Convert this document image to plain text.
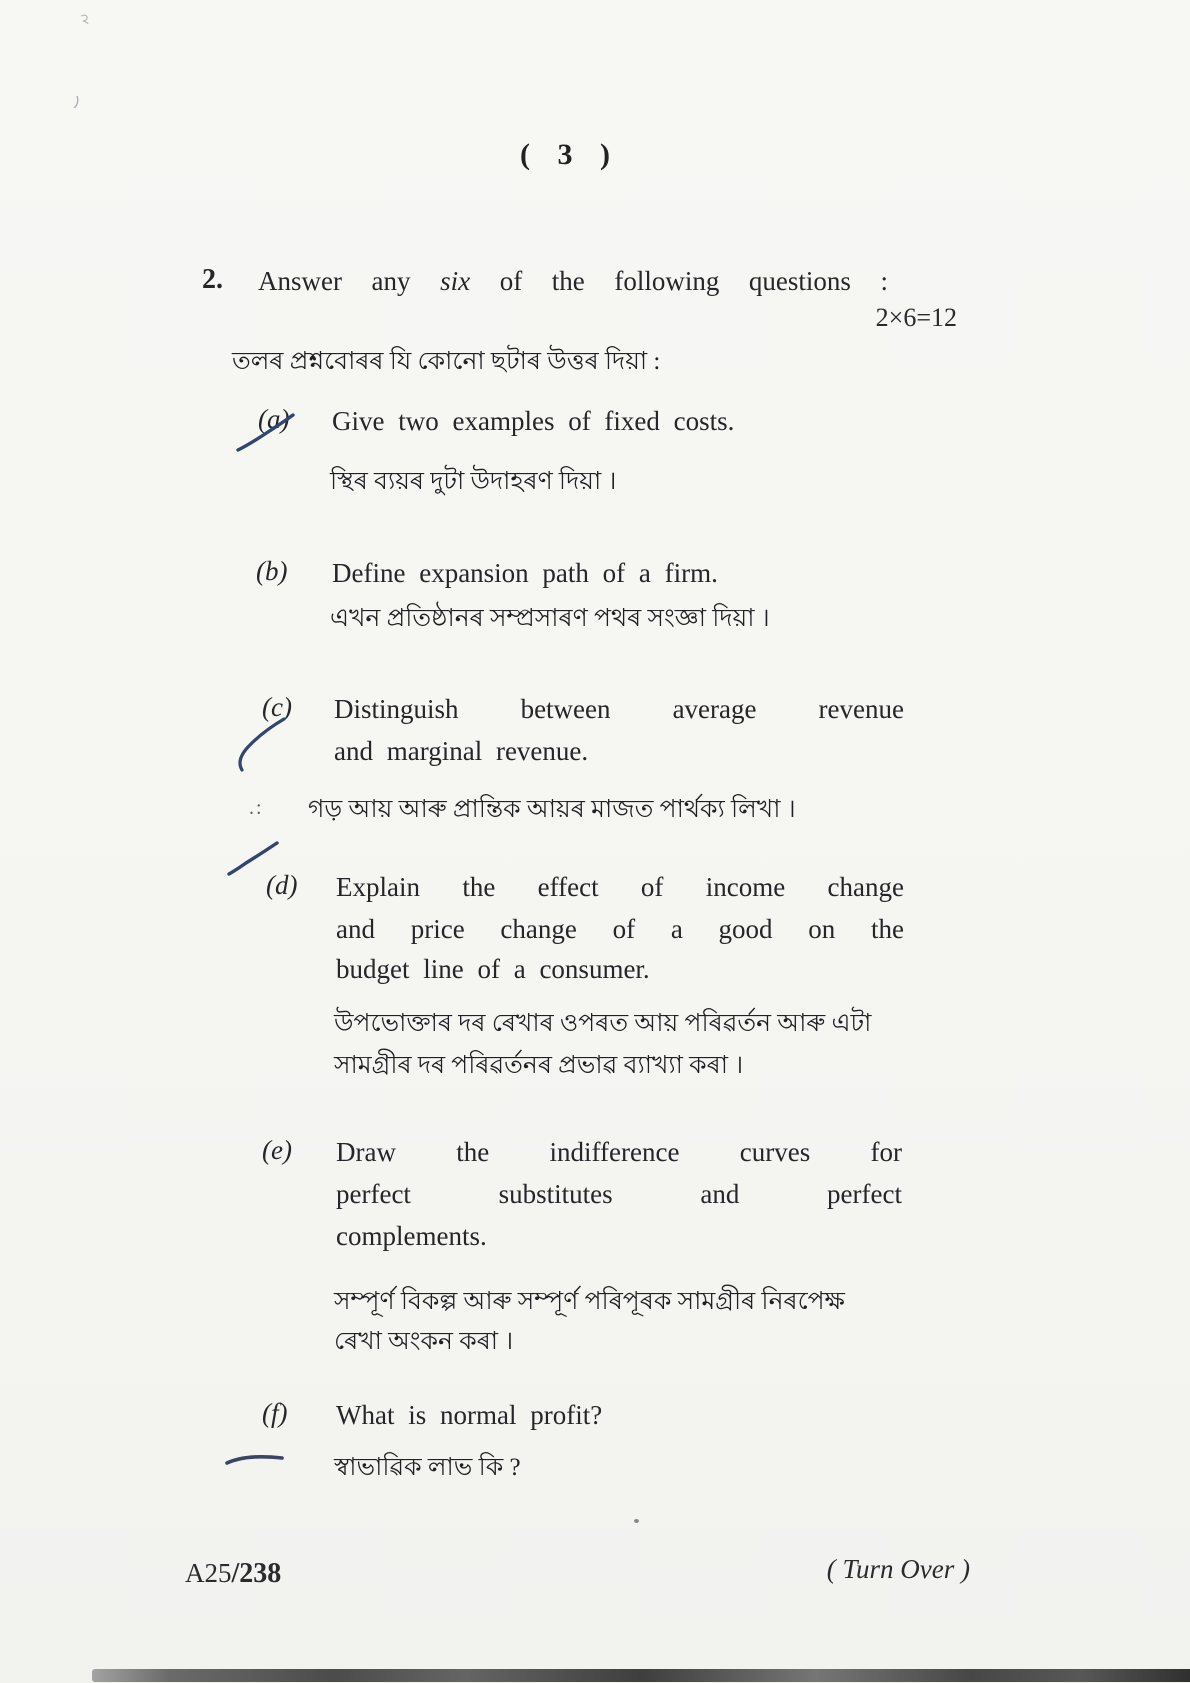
( 3 )
2. Answer any six of the following questions :
2×6=12
তলৰ প্ৰশ্নবোৰৰ যি কোনো ছটাৰ উত্তৰ দিয়া :
(a) Give two examples of fixed costs.
স্থিৰ ব্যয়ৰ দুটা উদাহৰণ দিয়া ।
(b) Define expansion path of a firm.
এখন প্ৰতিষ্ঠানৰ সম্প্ৰসাৰণ পথৰ সংজ্ঞা দিয়া ।
(c) Distinguish between average revenue
and marginal revenue.
.: গড় আয় আৰু প্ৰান্তিক আয়ৰ মাজত পাৰ্থক্য লিখা ।
(d) Explain the effect of income change
and price change of a good on the
budget line of a consumer.
উপভোক্তাৰ দৰ ৰেখাৰ ওপৰত আয় পৰিৱৰ্তন আৰু এটা
সামগ্ৰীৰ দৰ পৰিৱৰ্তনৰ প্ৰভাৱ ব্যাখ্যা কৰা ।
(e) Draw the indifference curves for
perfect substitutes and perfect
complements.
সম্পূৰ্ণ বিকল্প আৰু সম্পূৰ্ণ পৰিপূৰক সামগ্ৰীৰ নিৰপেক্ষ
ৰেখা অংকন কৰা ।
(f) What is normal profit?
স্বাভাৱিক লাভ কি ?
A25/238	( Turn Over )
